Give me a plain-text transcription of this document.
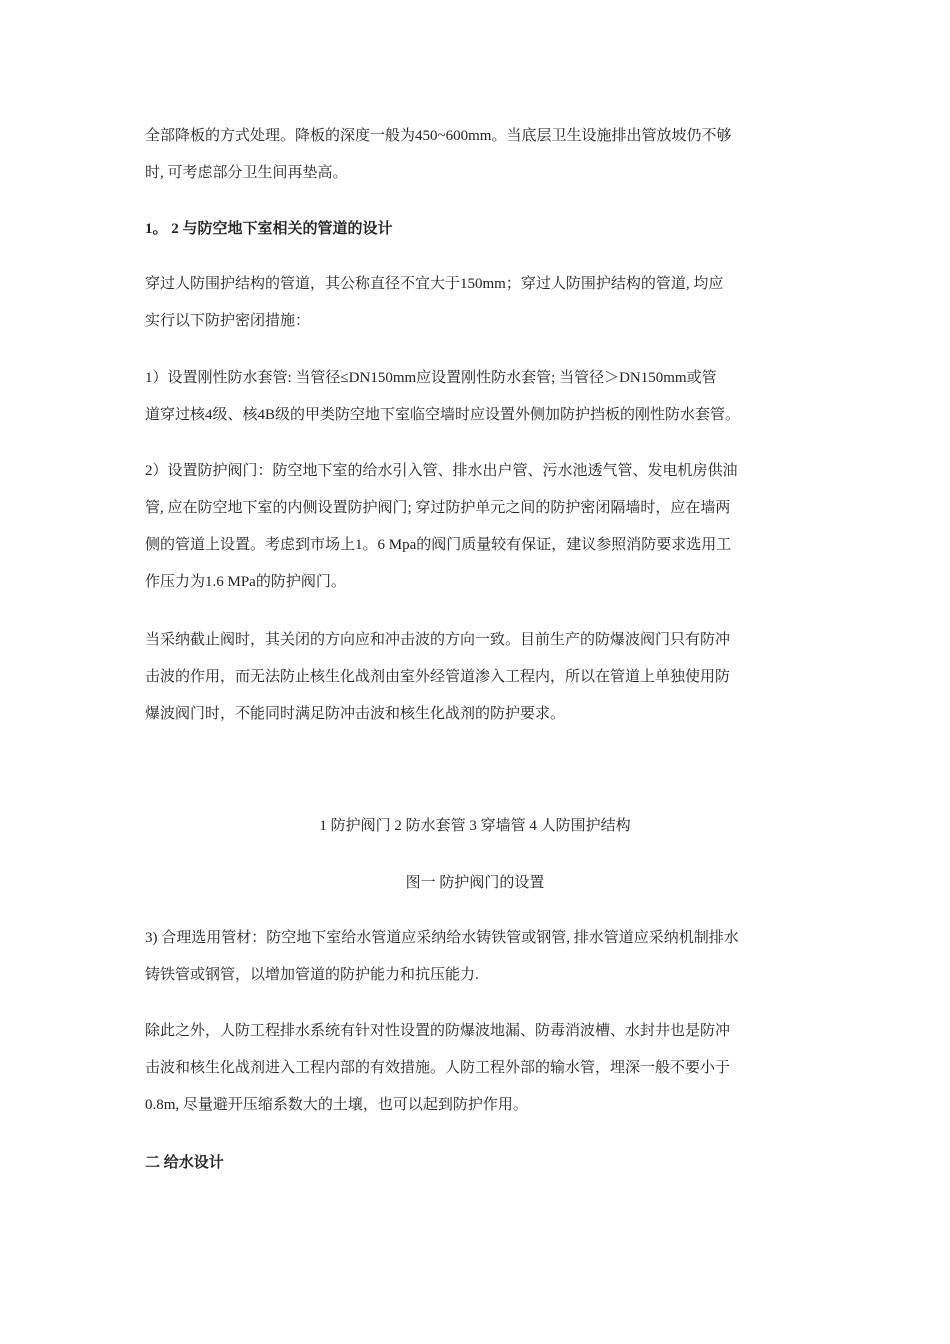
全部降板的方式处理。降板的深度一般为450~600mm。当底层卫生设施排出管放坡仍不够
时, 可考虑部分卫生间再垫高。

1。 2 与防空地下室相关的管道的设计

穿过人防围护结构的管道，其公称直径不宜大于150mm；穿过人防围护结构的管道, 均应
实行以下防护密闭措施：

1）设置刚性防水套管: 当管径≤DN150mm应设置刚性防水套管; 当管径＞DN150mm或管
道穿过核4级、核4B级的甲类防空地下室临空墙时应设置外侧加防护挡板的刚性防水套管。

2）设置防护阀门：防空地下室的给水引入管、排水出户管、污水池透气管、发电机房供油
管, 应在防空地下室的内侧设置防护阀门; 穿过防护单元之间的防护密闭隔墙时，应在墙两
侧的管道上设置。考虑到市场上1。6 Mpa的阀门质量较有保证，建议参照消防要求选用工
作压力为1.6 MPa的防护阀门。

当采纳截止阀时，其关闭的方向应和冲击波的方向一致。目前生产的防爆波阀门只有防冲
击波的作用，而无法防止核生化战剂由室外经管道渗入工程内，所以在管道上单独使用防
爆波阀门时，不能同时满足防冲击波和核生化战剂的防护要求。

1 防护阀门 2 防水套管 3 穿墙管 4 人防围护结构

图一 防护阀门的设置

3) 合理选用管材：防空地下室给水管道应采纳给水铸铁管或钢管, 排水管道应采纳机制排水
铸铁管或钢管，以增加管道的防护能力和抗压能力.

除此之外，人防工程排水系统有针对性设置的防爆波地漏、防毒消波槽、水封井也是防冲
击波和核生化战剂进入工程内部的有效措施。人防工程外部的输水管，埋深一般不要小于
0.8m, 尽量避开压缩系数大的土壤，也可以起到防护作用。

二 给水设计
